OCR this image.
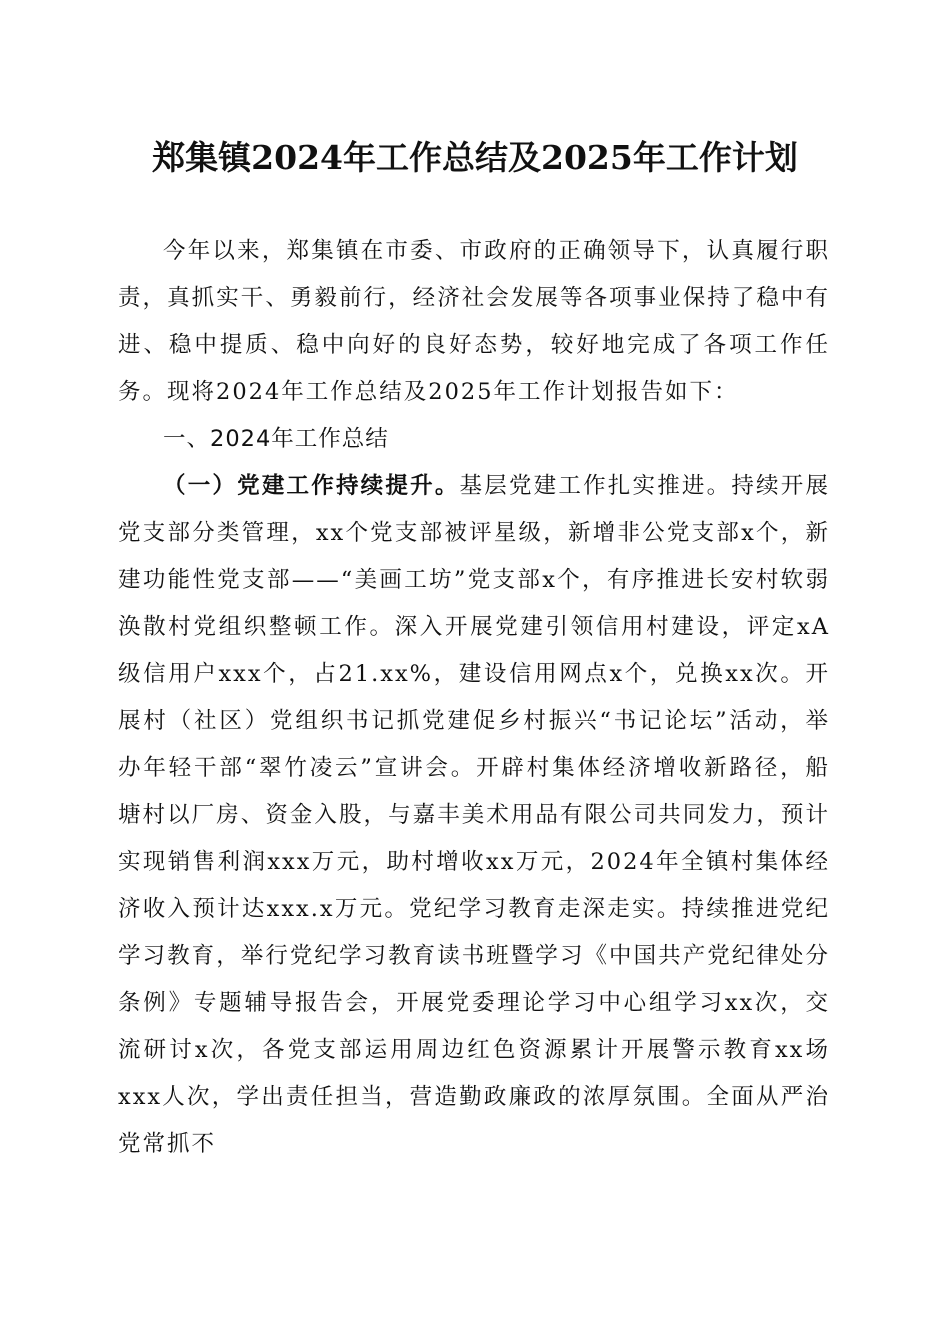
郑集镇2024年工作总结及2025年工作计划

今年以来，郑集镇在市委、市政府的正确领导下，认真履行职责，真抓实干、勇毅前行，经济社会发展等各项事业保持了稳中有进、稳中提质、稳中向好的良好态势，较好地完成了各项工作任务。现将2024年工作总结及2025年工作计划报告如下：

一、2024年工作总结

（一）党建工作持续提升。基层党建工作扎实推进。持续开展党支部分类管理，xx个党支部被评星级，新增非公党支部x个，新建功能性党支部——“美画工坊”党支部x个，有序推进长安村软弱涣散村党组织整顿工作。深入开展党建引领信用村建设，评定xA级信用户xxx个，占21.xx%，建设信用网点x个，兑换xx次。开展村（社区）党组织书记抓党建促乡村振兴“书记论坛”活动，举办年轻干部“翠竹凌云”宣讲会。开辟村集体经济增收新路径，船塘村以厂房、资金入股，与嘉丰美术用品有限公司共同发力，预计实现销售利润xxx万元，助村增收xx万元，2024年全镇村集体经济收入预计达xxx.x万元。党纪学习教育走深走实。持续推进党纪学习教育，举行党纪学习教育读书班暨学习《中国共产党纪律处分条例》专题辅导报告会，开展党委理论学习中心组学习xx次，交流研讨x次，各党支部运用周边红色资源累计开展警示教育xx场xxx人次，学出责任担当，营造勤政廉政的浓厚氛围。全面从严治党常抓不
